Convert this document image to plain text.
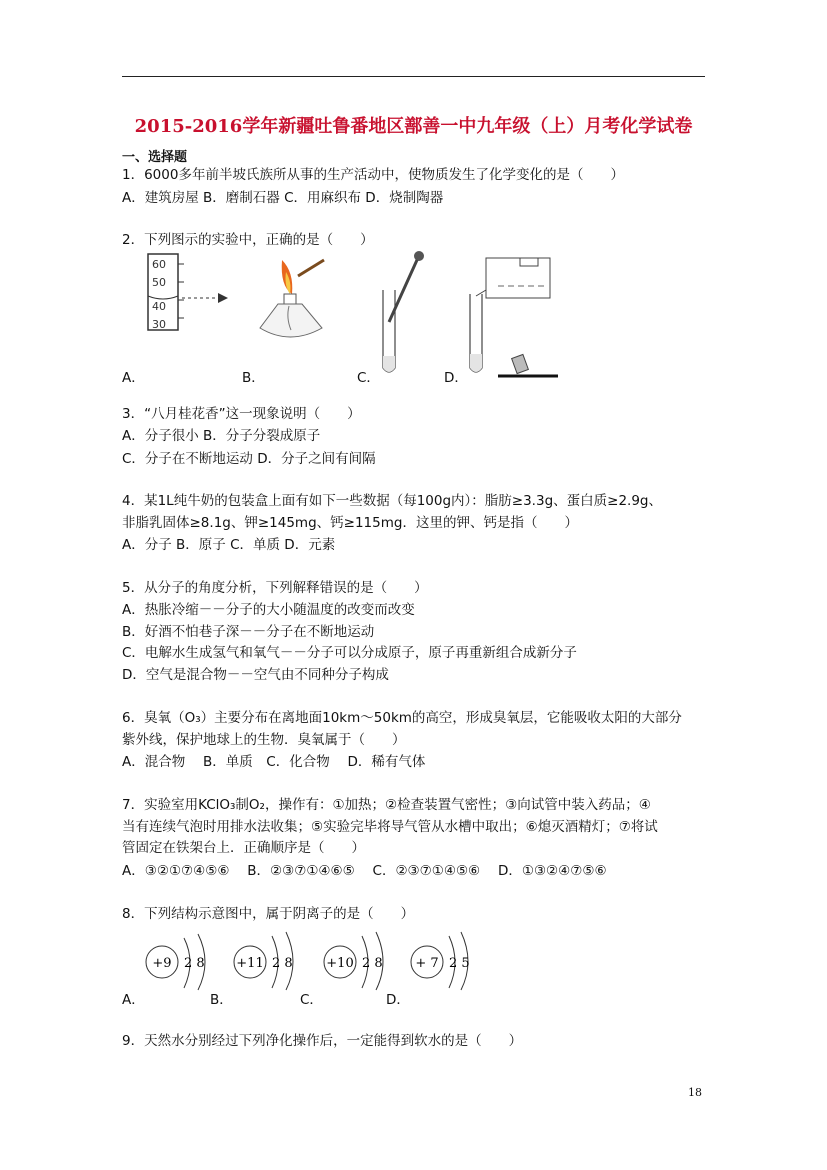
2015-2016学年新疆吐鲁番地区鄯善一中九年级（上）月考化学试卷
一、选择题
1．6000多年前半坡氏族所从事的生产活动中，使物质发生了化学变化的是（　　）
A．建筑房屋 B．磨制石器 C．用麻织布 D．烧制陶器
2．下列图示的实验中，正确的是（　　）
60
50
40
30
A．	B．	C．	D．
3．“八月桂花香”这一现象说明（　　）
A．分子很小 B．分子分裂成原子
C．分子在不断地运动 D．分子之间有间隔
4．某1L纯牛奶的包装盒上面有如下一些数据（每100g内）：脂肪≥3.3g、蛋白质≥2.9g、
非脂乳固体≥8.1g、钾≥145mg、钙≥115mg．这里的钾、钙是指（　　）
A．分子 B．原子 C．单质 D．元素
5．从分子的角度分析，下列解释错误的是（　　）
A．热胀冷缩－－分子的大小随温度的改变而改变
B．好酒不怕巷子深－－分子在不断地运动
C．电解水生成氢气和氧气－－分子可以分成原子，原子再重新组合成新分子
D．空气是混合物－－空气由不同种分子构成
6．臭氧（O₃）主要分布在离地面10km～50km的高空，形成臭氧层，它能吸收太阳的大部分
紫外线，保护地球上的生物．臭氧属于（　　）
A．混合物　 B．单质　C．化合物　 D．稀有气体
7．实验室用KClO₃制O₂，操作有：①加热；②检查装置气密性；③向试管中装入药品；④
当有连续气泡时用排水法收集；⑤实验完毕将导气管从水槽中取出；⑥熄灭酒精灯；⑦将试
管固定在铁架台上．正确顺序是（　　）
A．③②①⑦④⑤⑥　 B．②③⑦①④⑥⑤　 C．②③⑦①④⑤⑥　 D．①③②④⑦⑤⑥
8．下列结构示意图中，属于阴离子的是（　　）
+9 2 8 +11 2 8	+10 2 8	+ 7 2 5
A．	B．	C．	D．
9．天然水分别经过下列净化操作后，一定能得到软水的是（　　）
18
